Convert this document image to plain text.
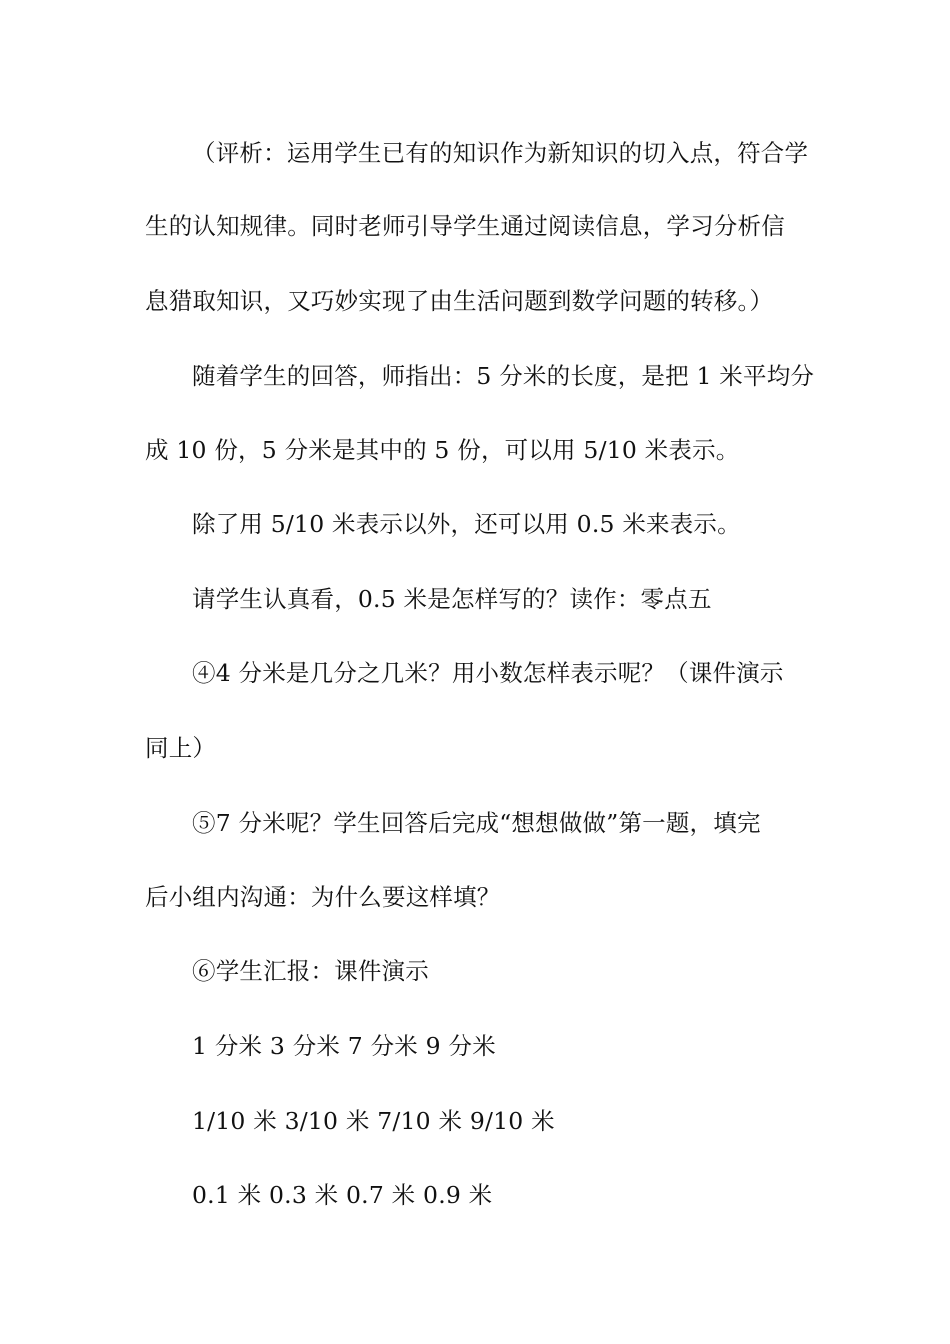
（评析：运用学生已有的知识作为新知识的切入点，符合学
生的认知规律。同时老师引导学生通过阅读信息，学习分析信
息猎取知识，又巧妙实现了由生活问题到数学问题的转移。）
随着学生的回答，师指出：5 分米的长度，是把 1 米平均分
成 10 份，5 分米是其中的 5 份，可以用 5/10 米表示。
除了用 5/10 米表示以外，还可以用 0.5 米来表示。
请学生认真看，0.5 米是怎样写的？读作：零点五
④4 分米是几分之几米？用小数怎样表示呢？（课件演示
同上）
⑤7 分米呢？学生回答后完成“想想做做”第一题，填完
后小组内沟通：为什么要这样填？
⑥学生汇报：课件演示
1 分米 3 分米 7 分米 9 分米
1/10 米 3/10 米 7/10 米 9/10 米
0.1 米 0.3 米 0.7 米 0.9 米
